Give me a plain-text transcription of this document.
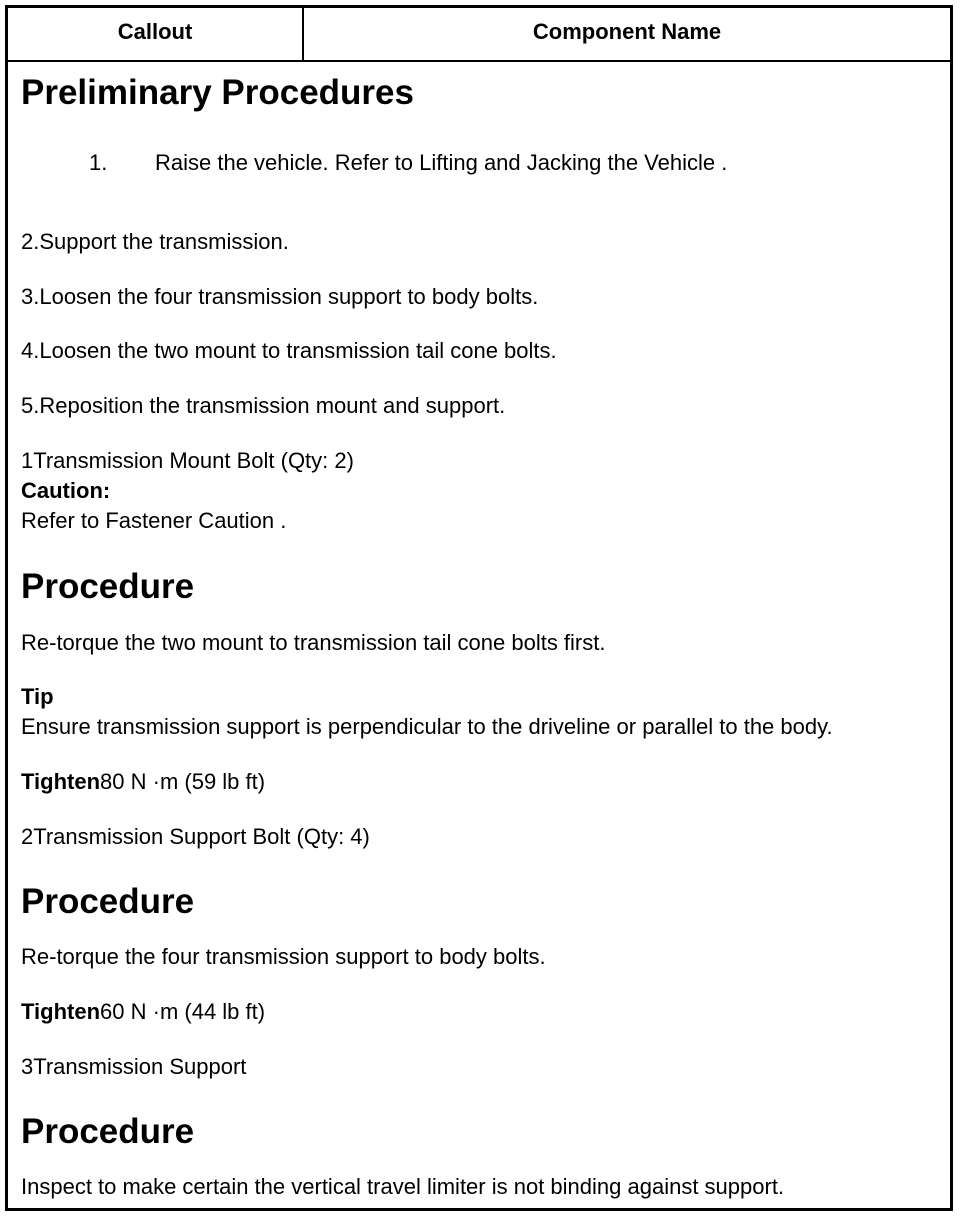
Callout	Component Name
Preliminary Procedures
1. Raise the vehicle. Refer to Lifting and Jacking the Vehicle .
2.Support the transmission.
3.Loosen the four transmission support to body bolts.
4.Loosen the two mount to transmission tail cone bolts.
5.Reposition the transmission mount and support.
1Transmission Mount Bolt (Qty: 2)
Caution:
Refer to Fastener Caution .
Procedure
Re-torque the two mount to transmission tail cone bolts first.
Tip
Ensure transmission support is perpendicular to the driveline or parallel to the body.
Tighten80 N ·m (59 lb ft)
2Transmission Support Bolt (Qty: 4)
Procedure
Re-torque the four transmission support to body bolts.
Tighten60 N ·m (44 lb ft)
3Transmission Support
Procedure
Inspect to make certain the vertical travel limiter is not binding against support.
